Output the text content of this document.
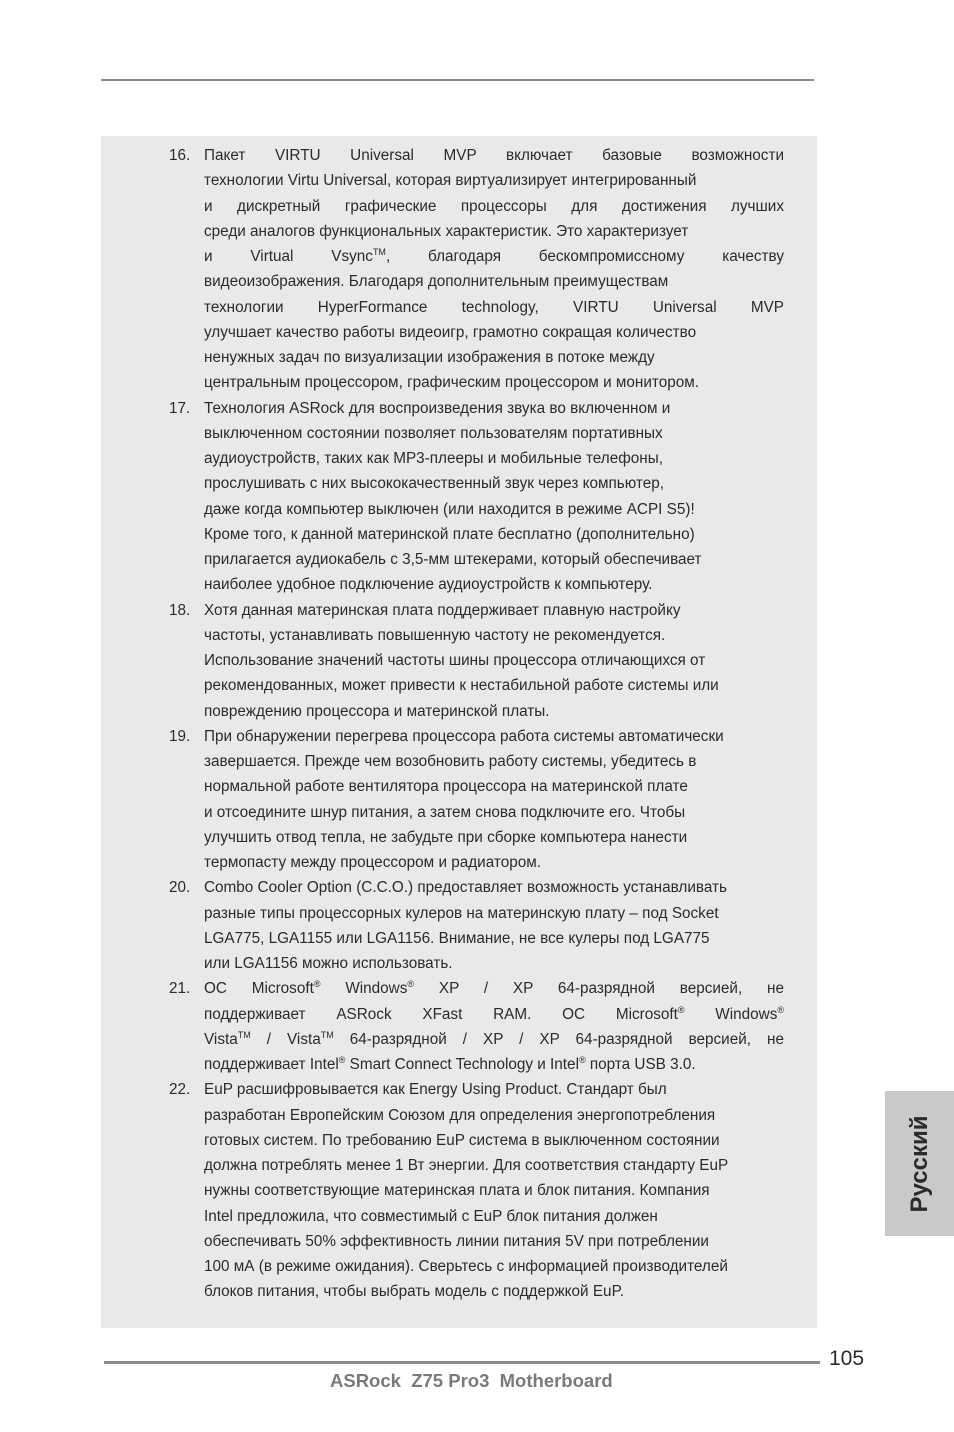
16. Пакет VIRTU Universal MVP включает базовые возможности
технологии Virtu Universal, которая виртуализирует интегрированный
и дискретный графические процессоры для достижения лучших
среди аналогов функциональных характеристик. Это характеризует
и Virtual Vsync™, благодаря бескомпромиссному качеству
видеоизображения. Благодаря дополнительным преимуществам
технологии HyperFormance technology, VIRTU Universal MVP
улучшает качество работы видеоигр, грамотно сокращая количество
ненужных задач по визуализации изображения в потоке между
центральным процессором, графическим процессором и монитором.

17. Технология ASRock для воспроизведения звука во включенном и
выключенном состоянии позволяет пользователям портативных
аудиоустройств, таких как MP3-плееры и мобильные телефоны,
прослушивать с них высококачественный звук через компьютер,
даже когда компьютер выключен (или находится в режиме ACPI S5)!
Кроме того, к данной материнской плате бесплатно (дополнительно)
прилагается аудиокабель с 3,5-мм штекерами, который обеспечивает
наиболее удобное подключение аудиоустройств к компьютеру.

18. Хотя данная материнская плата поддерживает плавную настройку
частоты, устанавливать повышенную частоту не рекомендуется.
Использование значений частоты шины процессора отличающихся от
рекомендованных, может привести к нестабильной работе системы или
повреждению процессора и материнской платы.

19. При обнаружении перегрева процессора работа системы автоматически
завершается. Прежде чем возобновить работу системы, убедитесь в
нормальной работе вентилятора процессора на материнской плате
и отсоедините шнур питания, а затем снова подключите его. Чтобы
улучшить отвод тепла, не забудьте при сборке компьютера нанести
термопасту между процессором и радиатором.

20. Combo Cooler Option (C.C.O.) предоставляет возможность устанавливать
разные типы процессорных кулеров на материнскую плату – под Socket
LGA775, LGA1155 или LGA1156. Внимание, не все кулеры под LGA775
или LGA1156 можно использовать.

21. ОС Microsoft® Windows® XP / XP 64-разрядной версией, не
поддерживает ASRock XFast RAM. ОС Microsoft® Windows®
Vista™ / Vista™ 64-разрядной / XP / XP 64-разрядной версией, не
поддерживает Intel® Smart Connect Technology и Intel® порта USB 3.0.

22. EuP расшифровывается как Energy Using Product. Стандарт был
разработан Европейским Союзом для определения энергопотребления
готовых систем. По требованию EuP система в выключенном состоянии
должна потреблять менее 1 Вт энергии. Для соответствия стандарту EuP
нужны соответствующие материнская плата и блок питания. Компания
Intel предложила, что совместимый с EuP блок питания должен
обеспечивать 50% эффективность линии питания 5V при потреблении
100 мА (в режиме ожидания). Сверьтесь с информацией производителей
блоков питания, чтобы выбрать модель с поддержкой EuP.

Русский
105
ASRock  Z75 Pro3  Motherboard
